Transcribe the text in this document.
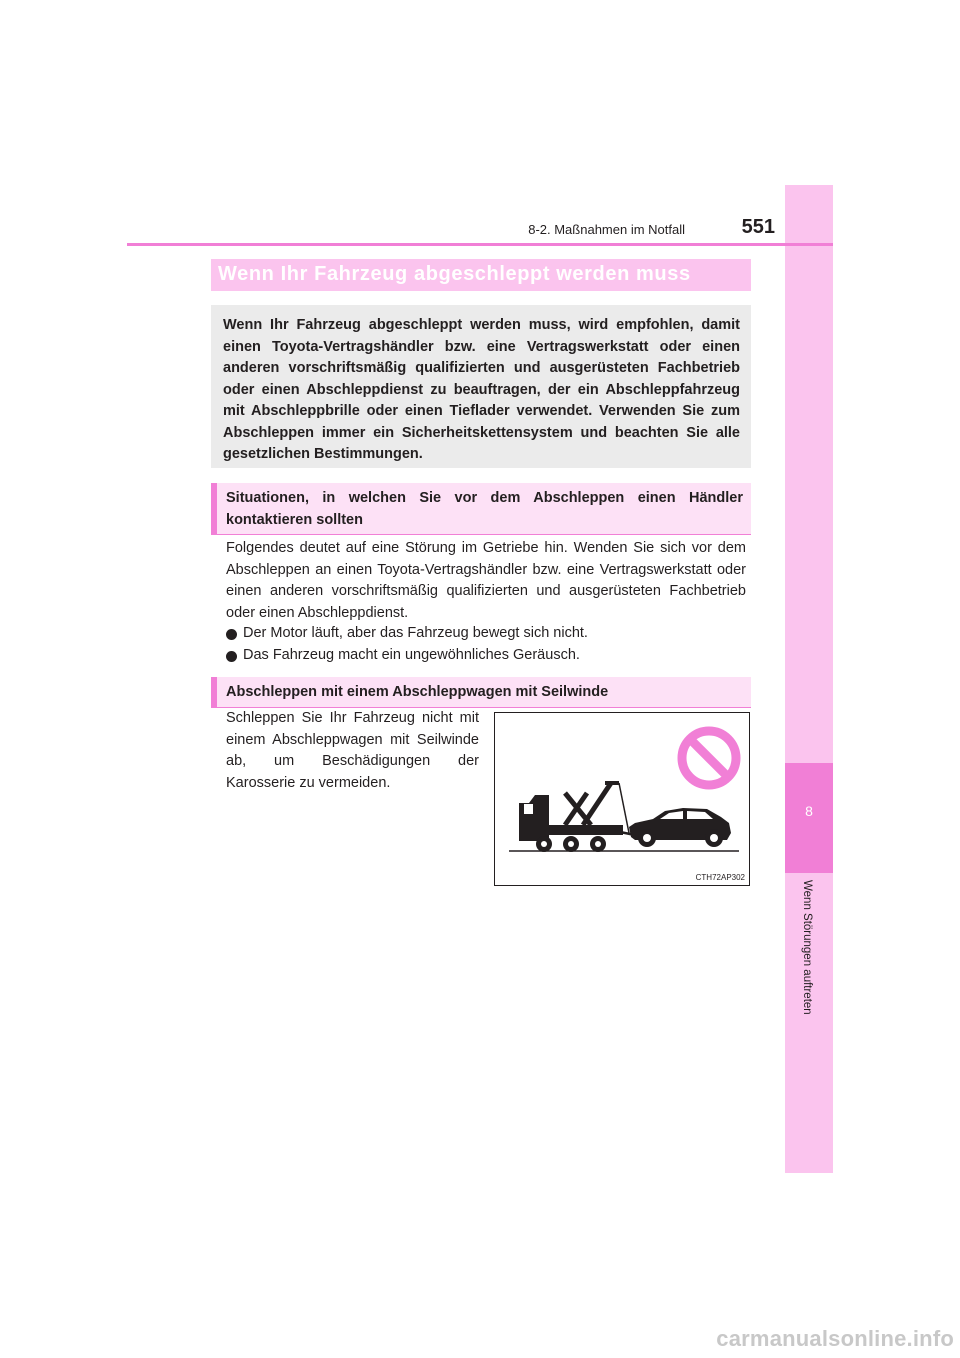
8
Wenn Störungen auftreten
8-2. Maßnahmen im Notfall	551
Wenn Ihr Fahrzeug abgeschleppt werden muss

Wenn Ihr Fahrzeug abgeschleppt werden muss, wird empfohlen, damit einen Toyota-Vertragshändler bzw. eine Vertragswerkstatt oder einen anderen vorschriftsmäßig qualifizierten und ausgerüsteten Fachbetrieb oder einen Abschleppdienst zu beauftragen, der ein Abschleppfahrzeug mit Abschleppbrille oder einen Tieflader verwendet. Verwenden Sie zum Abschleppen immer ein Sicherheitskettensystem und beachten Sie alle gesetzlichen Bestimmungen.

Situationen, in welchen Sie vor dem Abschleppen einen Händler kontaktieren sollten

Folgendes deutet auf eine Störung im Getriebe hin. Wenden Sie sich vor dem Abschleppen an einen Toyota-Vertragshändler bzw. eine Vertragswerkstatt oder einen anderen vorschriftsmäßig qualifizierten und ausgerüsteten Fachbetrieb oder einen Abschleppdienst.

Der Motor läuft, aber das Fahrzeug bewegt sich nicht.
Das Fahrzeug macht ein ungewöhnliches Geräusch.
Abschleppen mit einem Abschleppwagen mit Seilwinde

Schleppen Sie Ihr Fahrzeug nicht mit einem Abschleppwagen mit Seilwinde ab, um Beschädigungen der Karosserie zu vermeiden.

CTH72AP302
carmanualsonline.info
